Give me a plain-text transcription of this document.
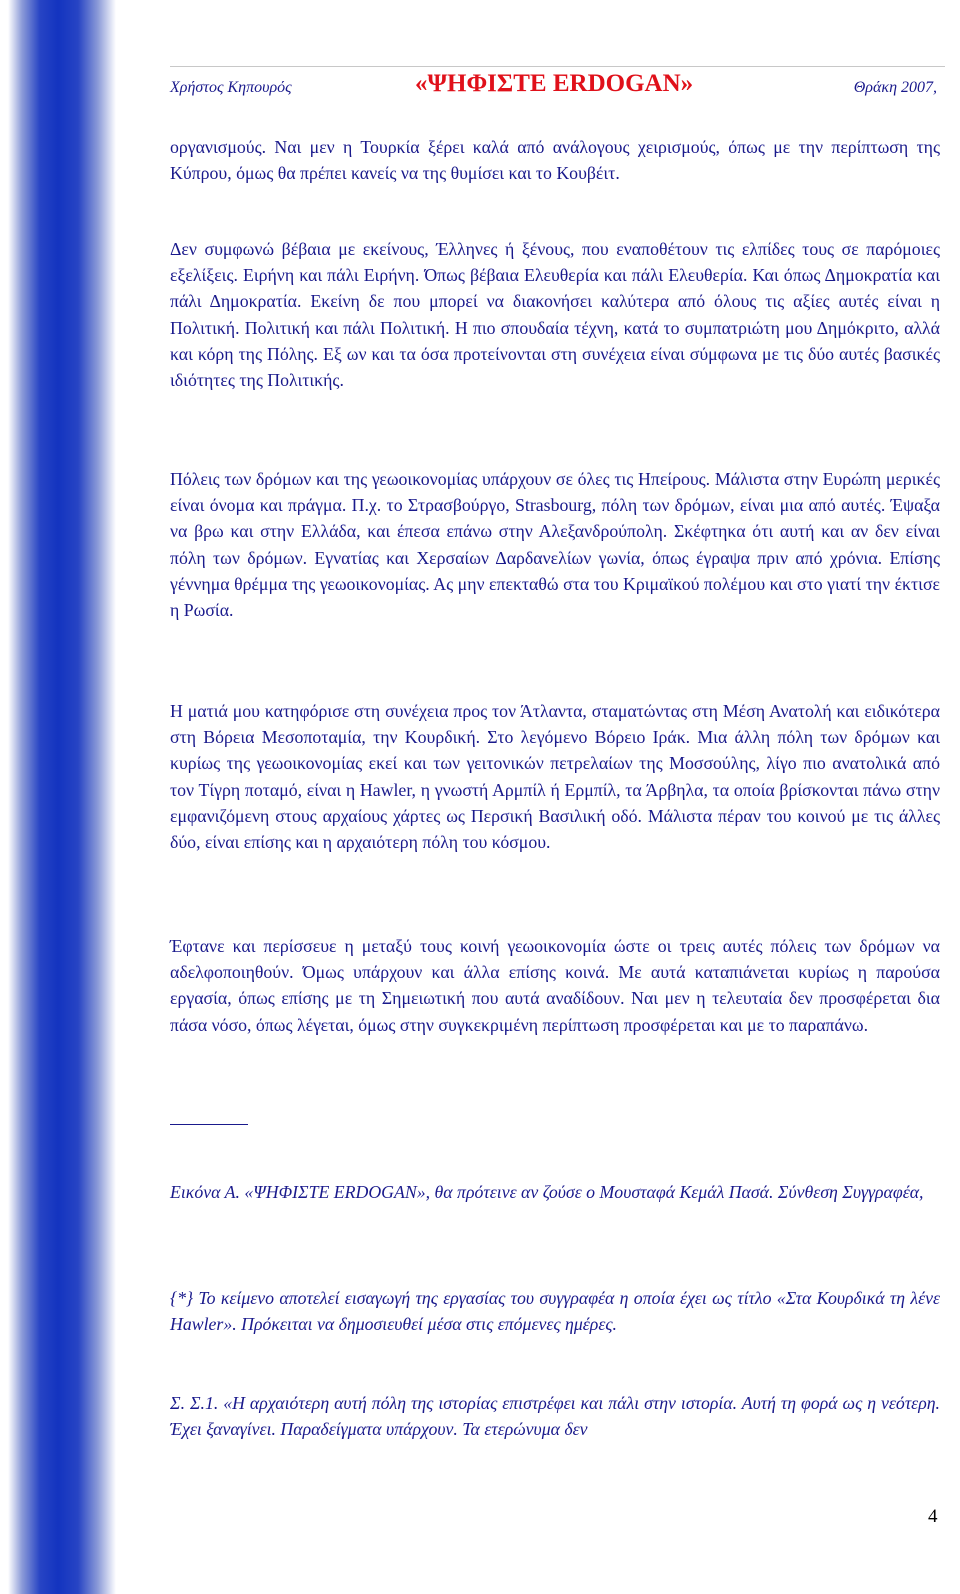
Χρήστος Κηπουρός	«ΨΗΦΙΣΤΕ ERDOGAN»	Θράκη 2007,

οργανισμούς. Ναι μεν η Τουρκία ξέρει καλά από ανάλογους χειρισμούς, όπως με την περίπτωση της Κύπρου, όμως θα πρέπει κανείς να της θυμίσει και το Κουβέιτ.

Δεν συμφωνώ βέβαια με εκείνους, Έλληνες ή ξένους, που εναποθέτουν τις ελπίδες τους σε παρόμοιες εξελίξεις. Ειρήνη και πάλι Ειρήνη. Όπως βέβαια Ελευθερία και πάλι Ελευθερία. Και όπως Δημοκρατία και πάλι Δημοκρατία. Εκείνη δε που μπορεί να διακονήσει καλύτερα από όλους τις αξίες αυτές είναι η Πολιτική. Πολιτική και πάλι Πολιτική. Η πιο σπουδαία τέχνη, κατά το συμπατριώτη μου Δημόκριτο, αλλά και κόρη της Πόλης. Εξ ων και τα όσα προτείνονται στη συνέχεια είναι σύμφωνα με τις δύο αυτές βασικές ιδιότητες της Πολιτικής.

Πόλεις των δρόμων και της γεωοικονομίας υπάρχουν σε όλες τις Ηπείρους. Μάλιστα στην Ευρώπη μερικές είναι όνομα και πράγμα. Π.χ. το Στρασβούργο, Strasbourg, πόλη των δρόμων, είναι μια από αυτές. Έψαξα να βρω και στην Ελλάδα, και έπεσα επάνω στην Αλεξανδρούπολη. Σκέφτηκα ότι αυτή και αν δεν είναι πόλη των δρόμων. Εγνατίας και Χερσαίων Δαρδανελίων γωνία, όπως έγραψα πριν από χρόνια. Επίσης γέννημα θρέμμα της γεωοικονομίας. Ας μην επεκταθώ στα του Κριμαϊκού πολέμου και στο γιατί την έκτισε η Ρωσία.

Η ματιά μου κατηφόρισε στη συνέχεια προς τον Άτλαντα, σταματώντας στη Μέση Ανατολή και ειδικότερα στη Βόρεια Μεσοποταμία, την Κουρδική. Στο λεγόμενο Βόρειο Ιράκ. Μια άλλη πόλη των δρόμων και κυρίως της γεωοικονομίας εκεί και των γειτονικών πετρελαίων της Μοσσούλης, λίγο πιο ανατολικά από τον Τίγρη ποταμό, είναι η Hawler, η γνωστή Αρμπίλ ή Ερμπίλ, τα Άρβηλα, τα οποία βρίσκονται πάνω στην εμφανιζόμενη στους αρχαίους χάρτες ως Περσική Βασιλική οδό. Μάλιστα πέραν του κοινού με τις άλλες δύο, είναι επίσης και η αρχαιότερη πόλη του κόσμου.

Έφτανε και περίσσευε η μεταξύ τους κοινή γεωοικονομία ώστε οι τρεις αυτές πόλεις των δρόμων να αδελφοποιηθούν. Όμως υπάρχουν και άλλα επίσης κοινά. Με αυτά καταπιάνεται κυρίως η παρούσα εργασία, όπως επίσης με τη Σημειωτική που αυτά αναδίδουν. Ναι μεν η τελευταία δεν προσφέρεται δια πάσα νόσο, όπως λέγεται, όμως στην συγκεκριμένη περίπτωση προσφέρεται και με το παραπάνω.

Εικόνα Α. «ΨΗΦΙΣΤΕ ERDOGAN», θα πρότεινε αν ζούσε ο Μουσταφά Κεμάλ Πασά. Σύνθεση Συγγραφέα,

{*} Το κείμενο αποτελεί εισαγωγή της εργασίας του συγγραφέα η οποία έχει ως τίτλο «Στα Κουρδικά τη λένε Hawler». Πρόκειται να δημοσιευθεί μέσα στις επόμενες ημέρες.

Σ. Σ.1. «Η αρχαιότερη αυτή πόλη της ιστορίας επιστρέφει και πάλι στην ιστορία. Αυτή τη φορά ως η νεότερη. Έχει ξαναγίνει. Παραδείγματα υπάρχουν. Τα ετερώνυμα δεν

4
